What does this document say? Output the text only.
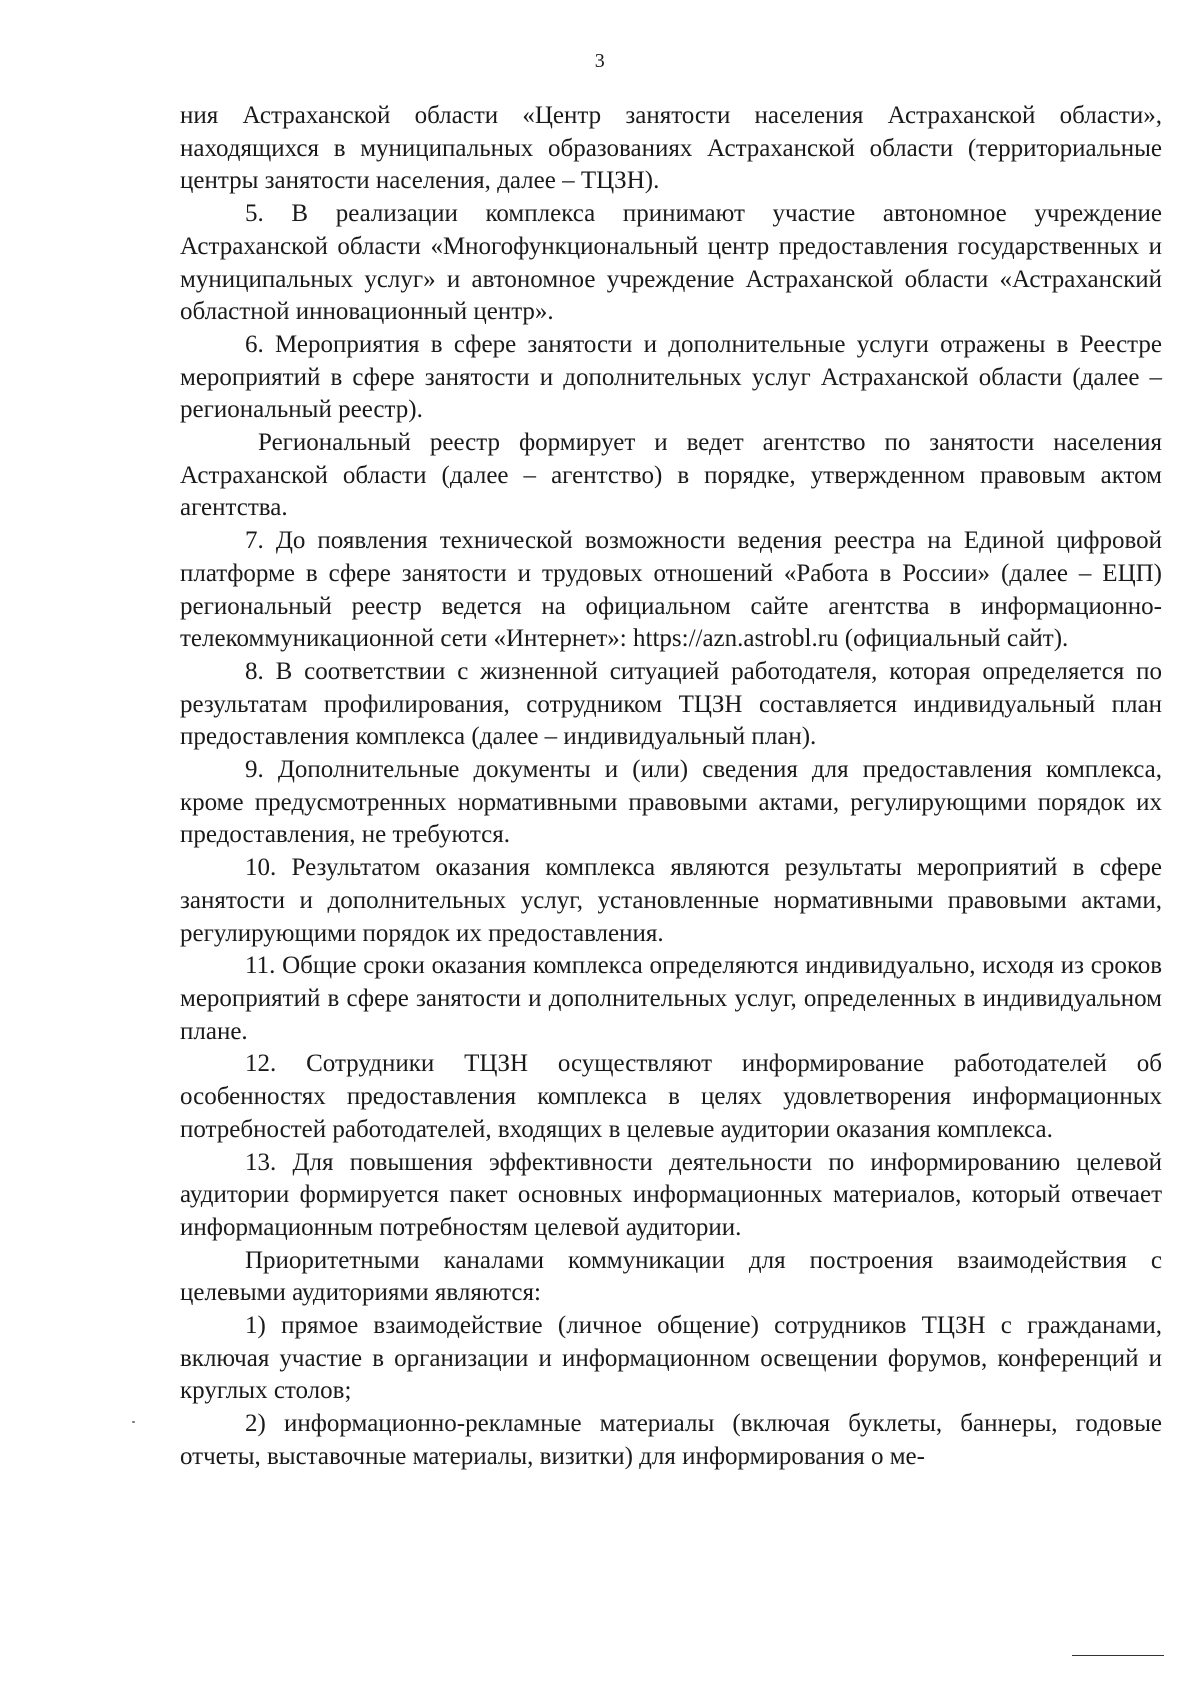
3

ния Астраханской области «Центр занятости населения Астраханской области», находящихся в муниципальных образованиях Астраханской области (территориальные центры занятости населения, далее – ТЦЗН).

5. В реализации комплекса принимают участие автономное учреждение Астраханской области «Многофункциональный центр предоставления государственных и муниципальных услуг» и автономное учреждение Астраханской области «Астраханский областной инновационный центр».

6. Мероприятия в сфере занятости и дополнительные услуги отражены в Реестре мероприятий в сфере занятости и дополнительных услуг Астраханской области (далее – региональный реестр).

Региональный реестр формирует и ведет агентство по занятости населения Астраханской области (далее – агентство) в порядке, утвержденном правовым актом агентства.

7. До появления технической возможности ведения реестра на Единой цифровой платформе в сфере занятости и трудовых отношений «Работа в России» (далее – ЕЦП) региональный реестр ведется на официальном сайте агентства в информационно-телекоммуникационной сети «Интернет»: https://azn.astrobl.ru (официальный сайт).

8. В соответствии с жизненной ситуацией работодателя, которая определяется по результатам профилирования, сотрудником ТЦЗН составляется индивидуальный план предоставления комплекса (далее – индивидуальный план).

9. Дополнительные документы и (или) сведения для предоставления комплекса, кроме предусмотренных нормативными правовыми актами, регулирующими порядок их предоставления, не требуются.

10. Результатом оказания комплекса являются результаты мероприятий в сфере занятости и дополнительных услуг, установленные нормативными правовыми актами, регулирующими порядок их предоставления.

11. Общие сроки оказания комплекса определяются индивидуально, исходя из сроков мероприятий в сфере занятости и дополнительных услуг, определенных в индивидуальном плане.

12. Сотрудники ТЦЗН осуществляют информирование работодателей об особенностях предоставления комплекса в целях удовлетворения информационных потребностей работодателей, входящих в целевые аудитории оказания комплекса.

13. Для повышения эффективности деятельности по информированию целевой аудитории формируется пакет основных информационных материалов, который отвечает информационным потребностям целевой аудитории.

Приоритетными каналами коммуникации для построения взаимодействия с целевыми аудиториями являются:

1) прямое взаимодействие (личное общение) сотрудников ТЦЗН с гражданами, включая участие в организации и информационном освещении форумов, конференций и круглых столов;

2) информационно-рекламные материалы (включая буклеты, баннеры, годовые отчеты, выставочные материалы, визитки) для информирования о ме-
